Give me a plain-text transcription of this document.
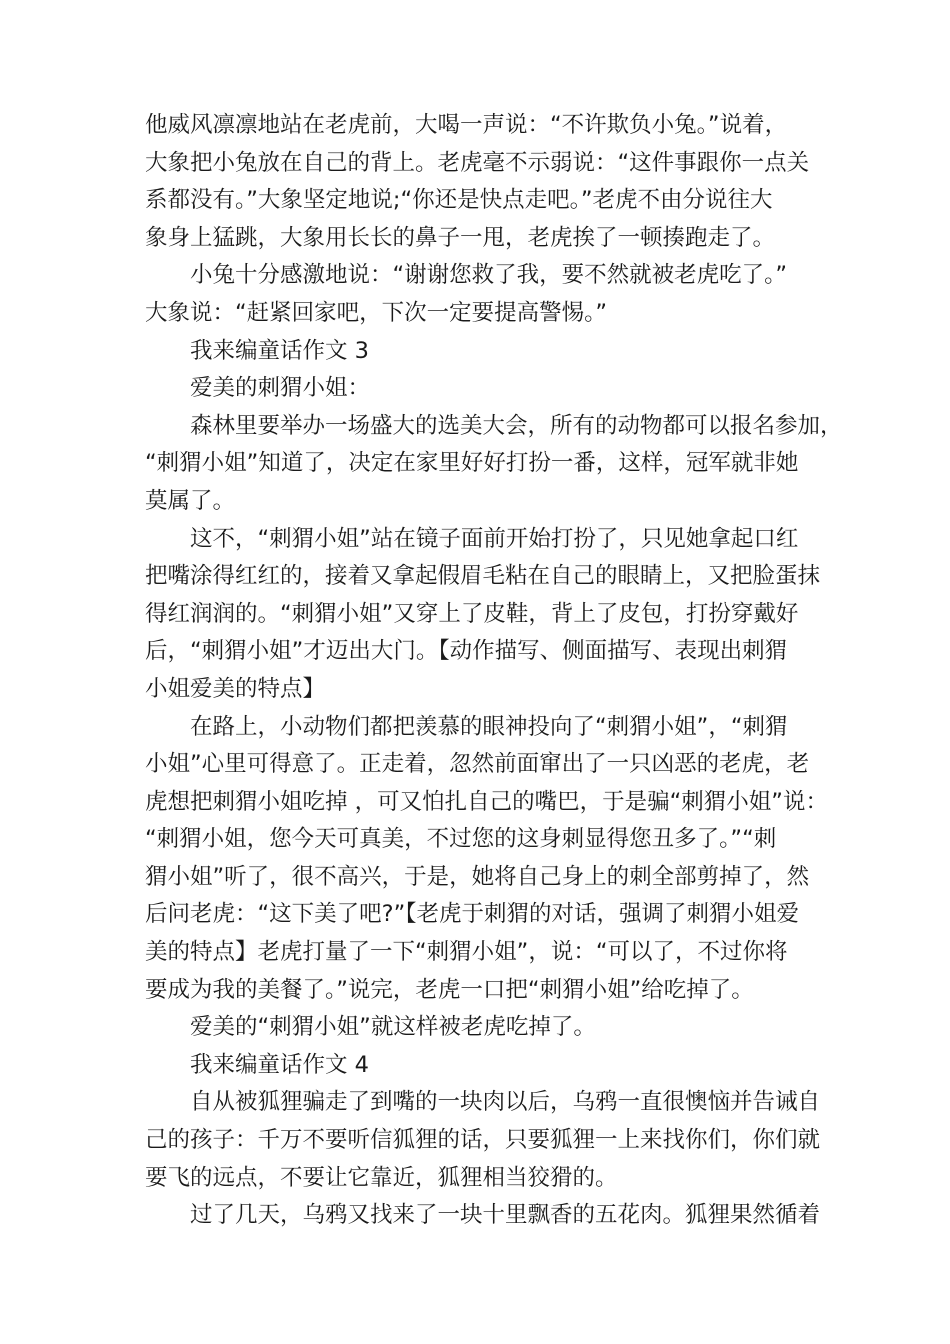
他威风凛凛地站在老虎前，大喝一声说：“不许欺负小兔。”说着，
大象把小兔放在自己的背上。老虎毫不示弱说：“这件事跟你一点关
系都没有。”大象坚定地说;“你还是快点走吧。”老虎不由分说往大
象身上猛跳，大象用长长的鼻子一甩，老虎挨了一顿揍跑走了。

小兔十分感激地说：“谢谢您救了我，要不然就被老虎吃了。”
大象说：“赶紧回家吧，下次一定要提高警惕。”

我来编童话作文 3

爱美的刺猬小姐：

森林里要举办一场盛大的选美大会，所有的动物都可以报名参加，
“刺猬小姐”知道了，决定在家里好好打扮一番，这样，冠军就非她
莫属了。

这不，“刺猬小姐”站在镜子面前开始打扮了，只见她拿起口红
把嘴涂得红红的，接着又拿起假眉毛粘在自己的眼睛上，又把脸蛋抹
得红润润的。“刺猬小姐”又穿上了皮鞋，背上了皮包，打扮穿戴好
后，“刺猬小姐”才迈出大门。【动作描写、侧面描写、表现出刺猬
小姐爱美的特点】

在路上，小动物们都把羡慕的眼神投向了“刺猬小姐”，“刺猬
小姐”心里可得意了。正走着，忽然前面窜出了一只凶恶的老虎，老
虎想把刺猬小姐吃掉 ，可又怕扎自己的嘴巴，于是骗“刺猬小姐”说：
“刺猬小姐，您今天可真美，不过您的这身刺显得您丑多了。”“刺
猬小姐”听了，很不高兴，于是，她将自己身上的刺全部剪掉了，然
后问老虎：“这下美了吧?”【老虎于刺猬的对话，强调了刺猬小姐爱
美的特点】老虎打量了一下“刺猬小姐”，说：“可以了，不过你将
要成为我的美餐了。”说完，老虎一口把“刺猬小姐”给吃掉了。

爱美的“刺猬小姐”就这样被老虎吃掉了。

我来编童话作文 4

自从被狐狸骗走了到嘴的一块肉以后，乌鸦一直很懊恼并告诫自
己的孩子：千万不要听信狐狸的话，只要狐狸一上来找你们，你们就
要飞的远点，不要让它靠近，狐狸相当狡猾的。

过了几天，乌鸦又找来了一块十里飘香的五花肉。狐狸果然循着
